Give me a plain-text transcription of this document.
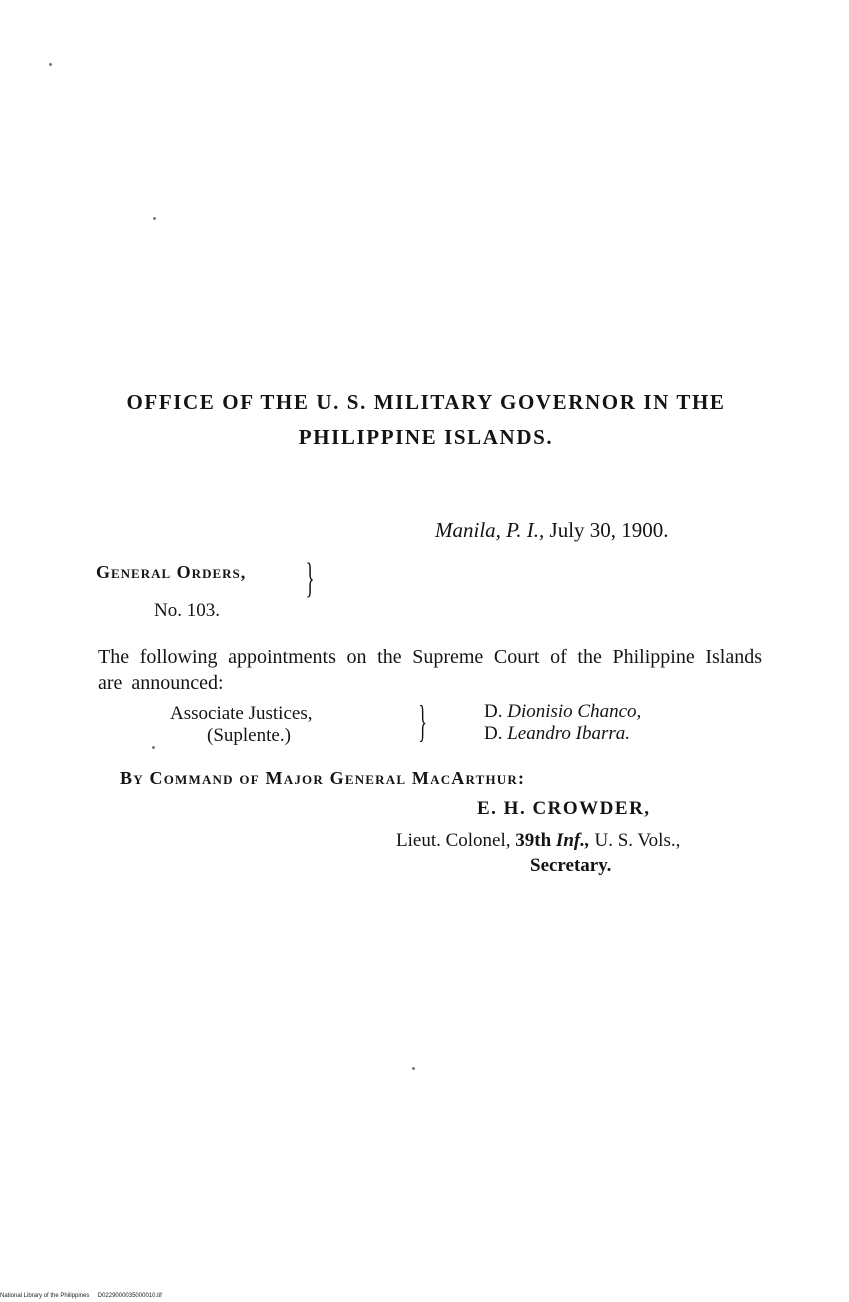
OFFICE OF THE U. S. MILITARY GOVERNOR IN THE
PHILIPPINE ISLANDS.
Manila, P. I., July 30, 1900.
General Orders, }
No. 103.
The following appointments on the Supreme Court of the Philippine Islands are announced:
Associate Justices,
(Suplente.)	}	D. Dionisio Chanco,
D. Leandro Ibarra.
By Command of Major General MacArthur:
E. H. CROWDER,
Lieut. Colonel, 39th Inf., U. S. Vols.,
Secretary.
National Library of the Philippines D0229000035000010.tif
